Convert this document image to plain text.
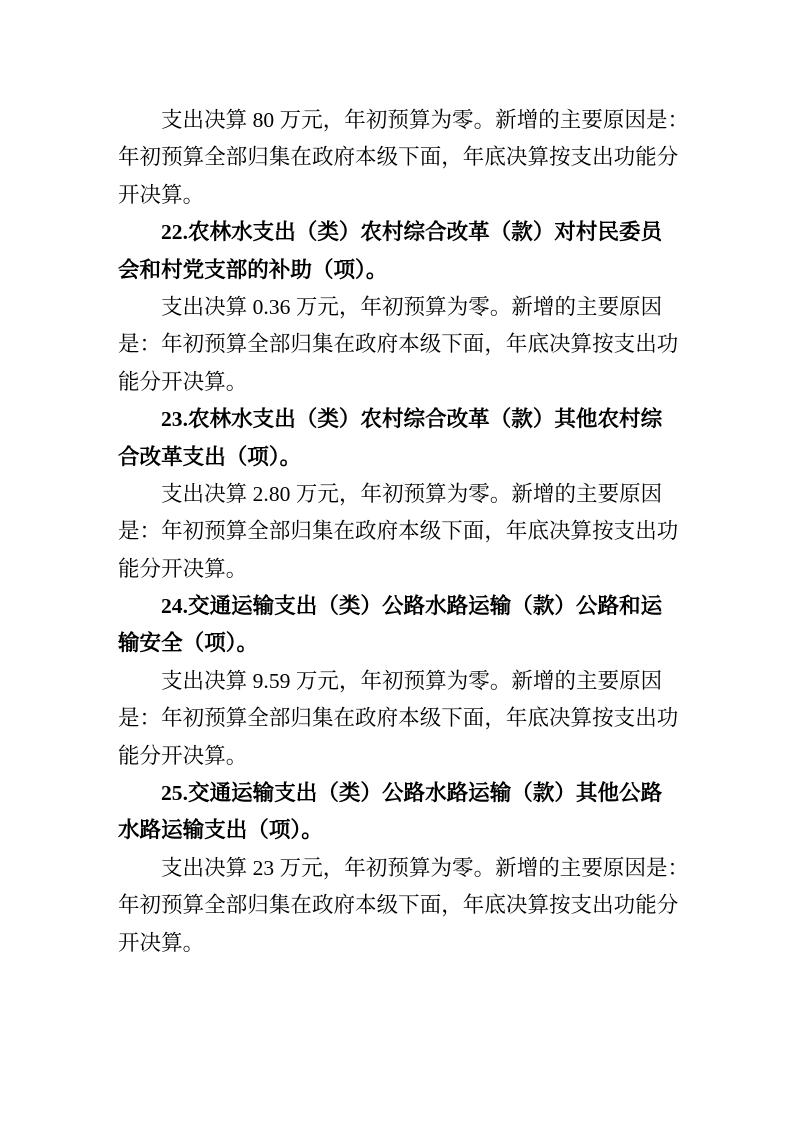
支出决算 80 万元，年初预算为零。新增的主要原因是：
年初预算全部归集在政府本级下面，年底决算按支出功能分
开决算。
22.农林水支出（类）农村综合改革（款）对村民委员
会和村党支部的补助（项）。
支出决算 0.36 万元，年初预算为零。新增的主要原因
是：年初预算全部归集在政府本级下面，年底决算按支出功
能分开决算。
23.农林水支出（类）农村综合改革（款）其他农村综
合改革支出（项）。
支出决算 2.80 万元，年初预算为零。新增的主要原因
是：年初预算全部归集在政府本级下面，年底决算按支出功
能分开决算。
24.交通运输支出（类）公路水路运输（款）公路和运
输安全（项）。
支出决算 9.59 万元，年初预算为零。新增的主要原因
是：年初预算全部归集在政府本级下面，年底决算按支出功
能分开决算。
25.交通运输支出（类）公路水路运输（款）其他公路
水路运输支出（项）。
支出决算 23 万元，年初预算为零。新增的主要原因是：
年初预算全部归集在政府本级下面，年底决算按支出功能分
开决算。
